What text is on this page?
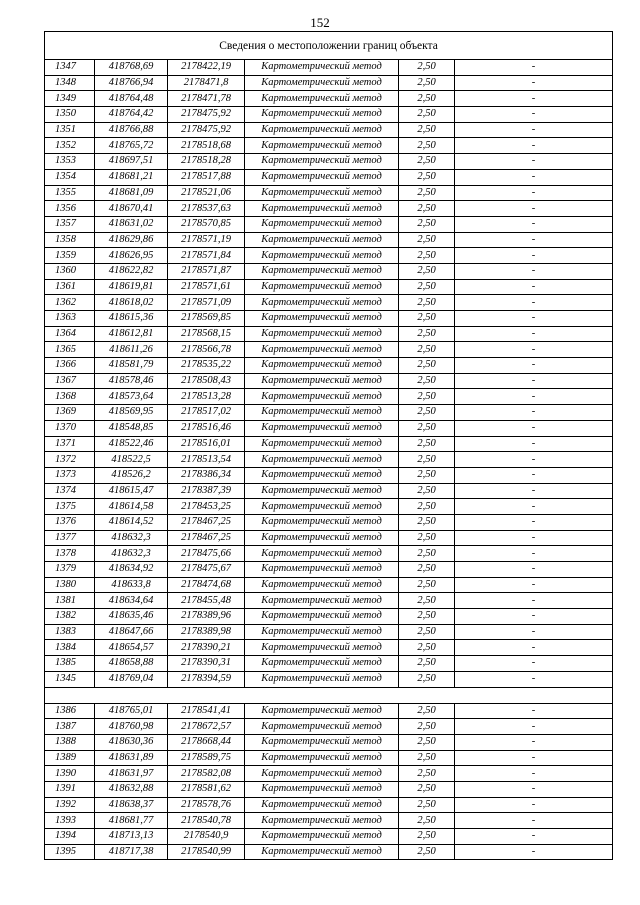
152
Сведения о местоположении границ объекта					
1347	418768,69	2178422,19	Картометрический метод	2,50	-
1348	418766,94	2178471,8	Картометрический метод	2,50	-
1349	418764,48	2178471,78	Картометрический метод	2,50	-
1350	418764,42	2178475,92	Картометрический метод	2,50	-
1351	418766,88	2178475,92	Картометрический метод	2,50	-
1352	418765,72	2178518,68	Картометрический метод	2,50	-
1353	418697,51	2178518,28	Картометрический метод	2,50	-
1354	418681,21	2178517,88	Картометрический метод	2,50	-
1355	418681,09	2178521,06	Картометрический метод	2,50	-
1356	418670,41	2178537,63	Картометрический метод	2,50	-
1357	418631,02	2178570,85	Картометрический метод	2,50	-
1358	418629,86	2178571,19	Картометрический метод	2,50	-
1359	418626,95	2178571,84	Картометрический метод	2,50	-
1360	418622,82	2178571,87	Картометрический метод	2,50	-
1361	418619,81	2178571,61	Картометрический метод	2,50	-
1362	418618,02	2178571,09	Картометрический метод	2,50	-
1363	418615,36	2178569,85	Картометрический метод	2,50	-
1364	418612,81	2178568,15	Картометрический метод	2,50	-
1365	418611,26	2178566,78	Картометрический метод	2,50	-
1366	418581,79	2178535,22	Картометрический метод	2,50	-
1367	418578,46	2178508,43	Картометрический метод	2,50	-
1368	418573,64	2178513,28	Картометрический метод	2,50	-
1369	418569,95	2178517,02	Картометрический метод	2,50	-
1370	418548,85	2178516,46	Картометрический метод	2,50	-
1371	418522,46	2178516,01	Картометрический метод	2,50	-
1372	418522,5	2178513,54	Картометрический метод	2,50	-
1373	418526,2	2178386,34	Картометрический метод	2,50	-
1374	418615,47	2178387,39	Картометрический метод	2,50	-
1375	418614,58	2178453,25	Картометрический метод	2,50	-
1376	418614,52	2178467,25	Картометрический метод	2,50	-
1377	418632,3	2178467,25	Картометрический метод	2,50	-
1378	418632,3	2178475,66	Картометрический метод	2,50	-
1379	418634,92	2178475,67	Картометрический метод	2,50	-
1380	418633,8	2178474,68	Картометрический метод	2,50	-
1381	418634,64	2178455,48	Картометрический метод	2,50	-
1382	418635,46	2178389,96	Картометрический метод	2,50	-
1383	418647,66	2178389,98	Картометрический метод	2,50	-
1384	418654,57	2178390,21	Картометрический метод	2,50	-
1385	418658,88	2178390,31	Картометрический метод	2,50	-
1345	418769,04	2178394,59	Картометрический метод	2,50	-

1386	418765,01	2178541,41	Картометрический метод	2,50	-
1387	418760,98	2178672,57	Картометрический метод	2,50	-
1388	418630,36	2178668,44	Картометрический метод	2,50	-
1389	418631,89	2178589,75	Картометрический метод	2,50	-
1390	418631,97	2178582,08	Картометрический метод	2,50	-
1391	418632,88	2178581,62	Картометрический метод	2,50	-
1392	418638,37	2178578,76	Картометрический метод	2,50	-
1393	418681,77	2178540,78	Картометрический метод	2,50	-
1394	418713,13	2178540,9	Картометрический метод	2,50	-
1395	418717,38	2178540,99	Картометрический метод	2,50	-
